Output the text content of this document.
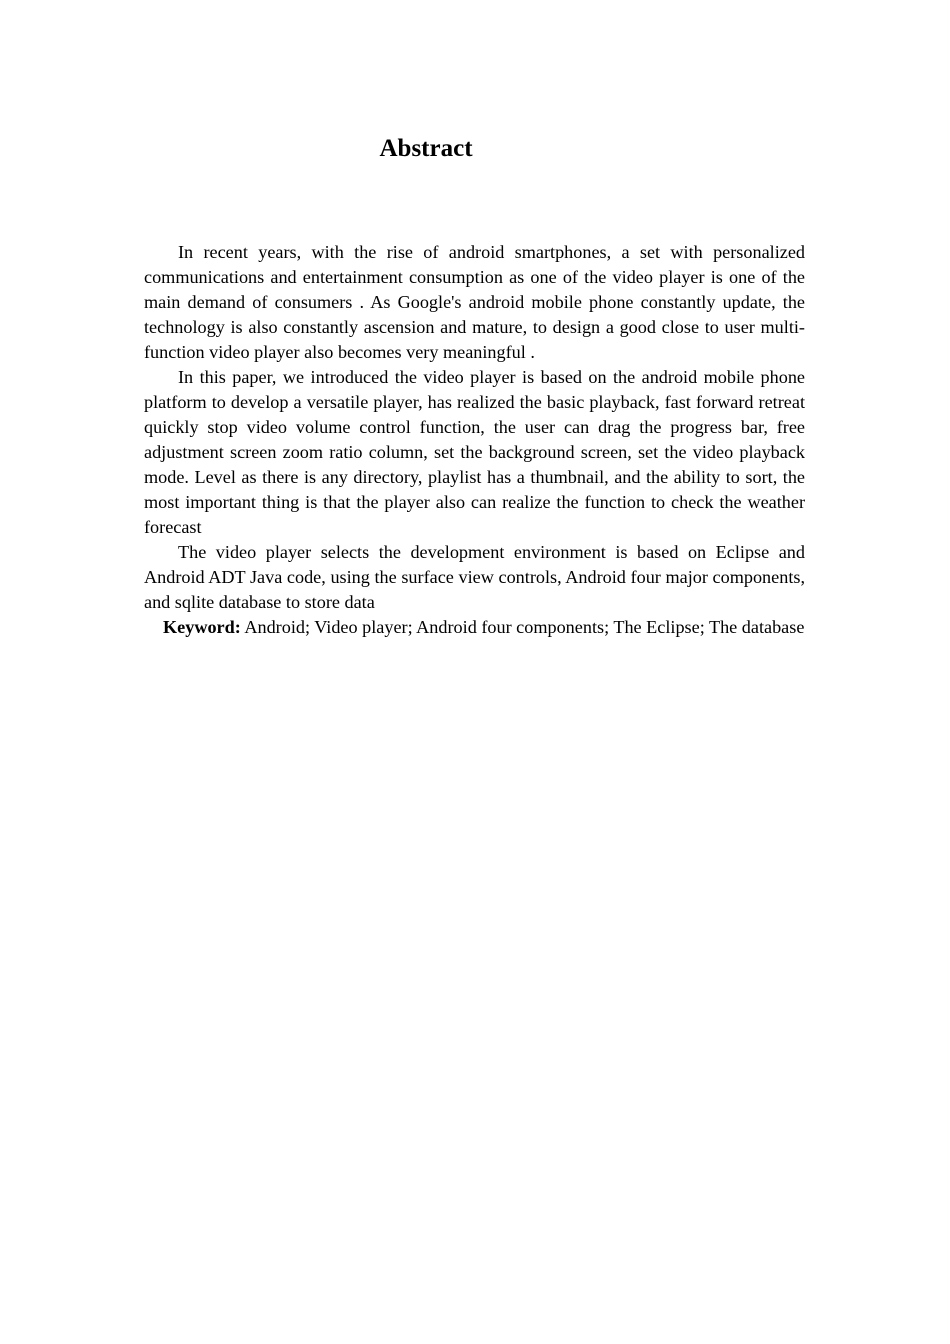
Abstract

In recent years, with the rise of android smartphones, a set with personalized communications and entertainment consumption as one of the video player is one of the main demand of consumers . As Google's android mobile phone constantly update, the technology is also constantly ascension and mature, to design a good close to user multi-function video player also becomes very meaningful .

In this paper, we introduced the video player is based on the android mobile phone platform to develop a versatile player, has realized the basic playback, fast forward retreat quickly stop video volume control function, the user can drag the progress bar, free adjustment screen zoom ratio column, set the background screen, set the video playback mode. Level as there is any directory, playlist has a thumbnail, and the ability to sort, the most important thing is that the player also can realize the function to check the weather forecast

The video player selects the development environment is based on Eclipse and Android ADT Java code, using the surface view controls, Android four major components, and sqlite database to store data

Keyword: Android; Video player; Android four components; The Eclipse; The database
